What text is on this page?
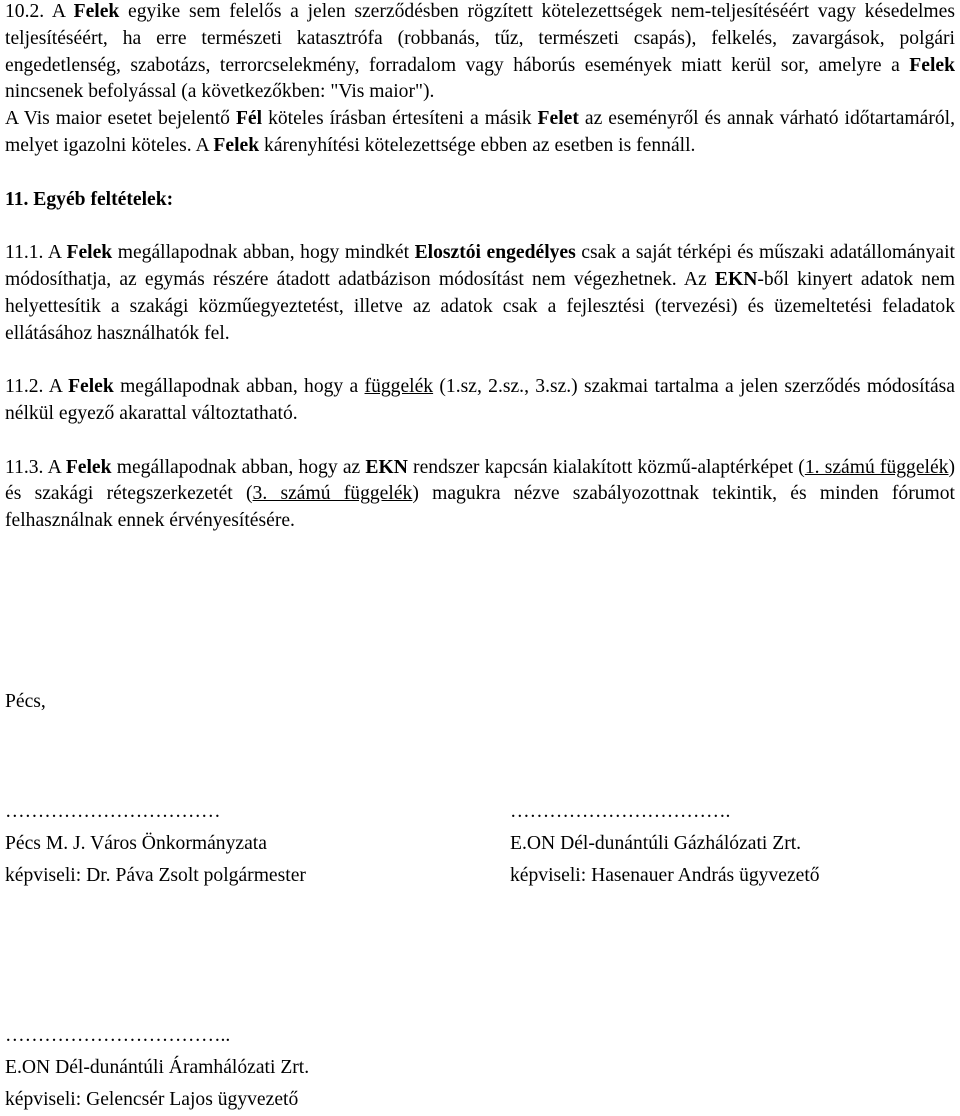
10.2. A Felek egyike sem felelős a jelen szerződésben rögzített kötelezettségek nem-teljesítéséért vagy késedelmes teljesítéséért, ha erre természeti katasztrófa (robbanás, tűz, természeti csapás), felkelés, zavargások, polgári engedetlenség, szabotázs, terrorcselekmény, forradalom vagy háborús események miatt kerül sor, amelyre a Felek nincsenek befolyással (a következőkben: "Vis maior").

A Vis maior esetet bejelentő Fél köteles írásban értesíteni a másik Felet az eseményről és annak várható időtartamáról, melyet igazolni köteles. A Felek kárenyhítési kötelezettsége ebben az esetben is fennáll.

11. Egyéb feltételek:

11.1. A Felek megállapodnak abban, hogy mindkét Elosztói engedélyes csak a saját térképi és műszaki adatállományait módosíthatja, az egymás részére átadott adatbázison módosítást nem végezhetnek. Az EKN-ből kinyert adatok nem helyettesítik a szakági közműegyeztetést, illetve az adatok csak a fejlesztési (tervezési) és üzemeltetési feladatok ellátásához használhatók fel.

11.2. A Felek megállapodnak abban, hogy a függelék (1.sz, 2.sz., 3.sz.) szakmai tartalma a jelen szerződés módosítása nélkül egyező akarattal változtatható.

11.3. A Felek megállapodnak abban, hogy az EKN rendszer kapcsán kialakított közmű-alaptérképet (1. számú függelék) és szakági rétegszerkezetét (3. számú függelék) magukra nézve szabályozottnak tekintik, és minden fórumot felhasználnak ennek érvényesítésére.

Pécs,
……………………………
Pécs M. J. Város Önkormányzata
képviseli: Dr. Páva Zsolt polgármester
…………………………….
E.ON Dél-dunántúli Gázhálózati Zrt.
képviseli: Hasenauer András ügyvezető
……………………………..
E.ON Dél-dunántúli Áramhálózati Zrt.
képviseli: Gelencsér Lajos ügyvezető
